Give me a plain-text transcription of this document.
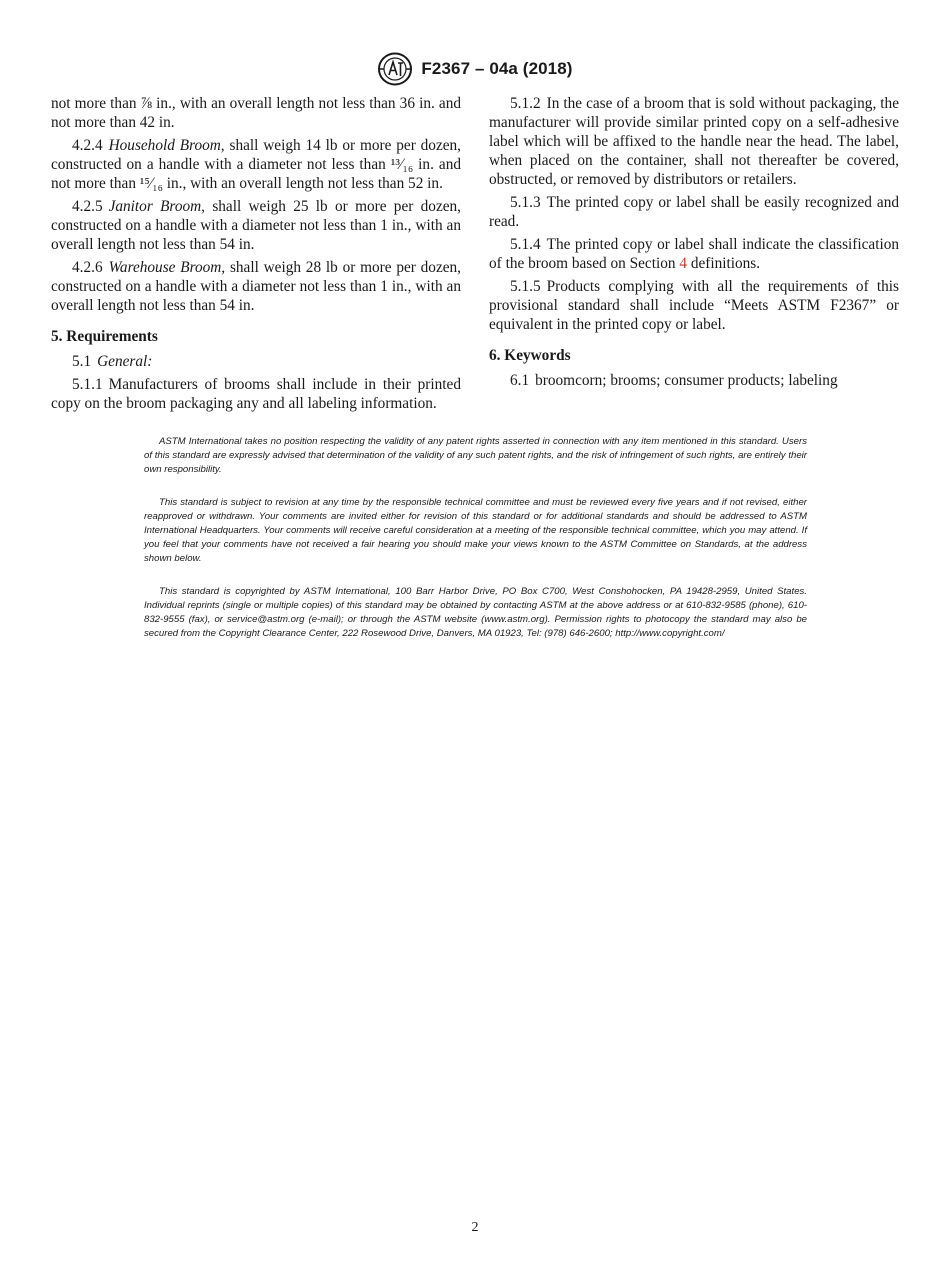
F2367 – 04a (2018)

not more than ⅞ in., with an overall length not less than 36 in. and not more than 42 in.

4.2.4 Household Broom, shall weigh 14 lb or more per dozen, constructed on a handle with a diameter not less than ¹³⁄₁₆ in. and not more than ¹⁵⁄₁₆ in., with an overall length not less than 52 in.

4.2.5 Janitor Broom, shall weigh 25 lb or more per dozen, constructed on a handle with a diameter not less than 1 in., with an overall length not less than 54 in.

4.2.6 Warehouse Broom, shall weigh 28 lb or more per dozen, constructed on a handle with a diameter not less than 1 in., with an overall length not less than 54 in.

5. Requirements

5.1 General:

5.1.1 Manufacturers of brooms shall include in their printed copy on the broom packaging any and all labeling information.

5.1.2 In the case of a broom that is sold without packaging, the manufacturer will provide similar printed copy on a self-adhesive label which will be affixed to the handle near the head. The label, when placed on the container, shall not thereafter be covered, obstructed, or removed by distributors or retailers.

5.1.3 The printed copy or label shall be easily recognized and read.

5.1.4 The printed copy or label shall indicate the classification of the broom based on Section 4 definitions.

5.1.5 Products complying with all the requirements of this provisional standard shall include “Meets ASTM F2367” or equivalent in the printed copy or label.

6. Keywords

6.1 broomcorn; brooms; consumer products; labeling

ASTM International takes no position respecting the validity of any patent rights asserted in connection with any item mentioned in this standard. Users of this standard are expressly advised that determination of the validity of any such patent rights, and the risk of infringement of such rights, are entirely their own responsibility.

This standard is subject to revision at any time by the responsible technical committee and must be reviewed every five years and if not revised, either reapproved or withdrawn. Your comments are invited either for revision of this standard or for additional standards and should be addressed to ASTM International Headquarters. Your comments will receive careful consideration at a meeting of the responsible technical committee, which you may attend. If you feel that your comments have not received a fair hearing you should make your views known to the ASTM Committee on Standards, at the address shown below.

This standard is copyrighted by ASTM International, 100 Barr Harbor Drive, PO Box C700, West Conshohocken, PA 19428-2959, United States. Individual reprints (single or multiple copies) of this standard may be obtained by contacting ASTM at the above address or at 610-832-9585 (phone), 610-832-9555 (fax), or service@astm.org (e-mail); or through the ASTM website (www.astm.org). Permission rights to photocopy the standard may also be secured from the Copyright Clearance Center, 222 Rosewood Drive, Danvers, MA 01923, Tel: (978) 646-2600; http://www.copyright.com/

2
